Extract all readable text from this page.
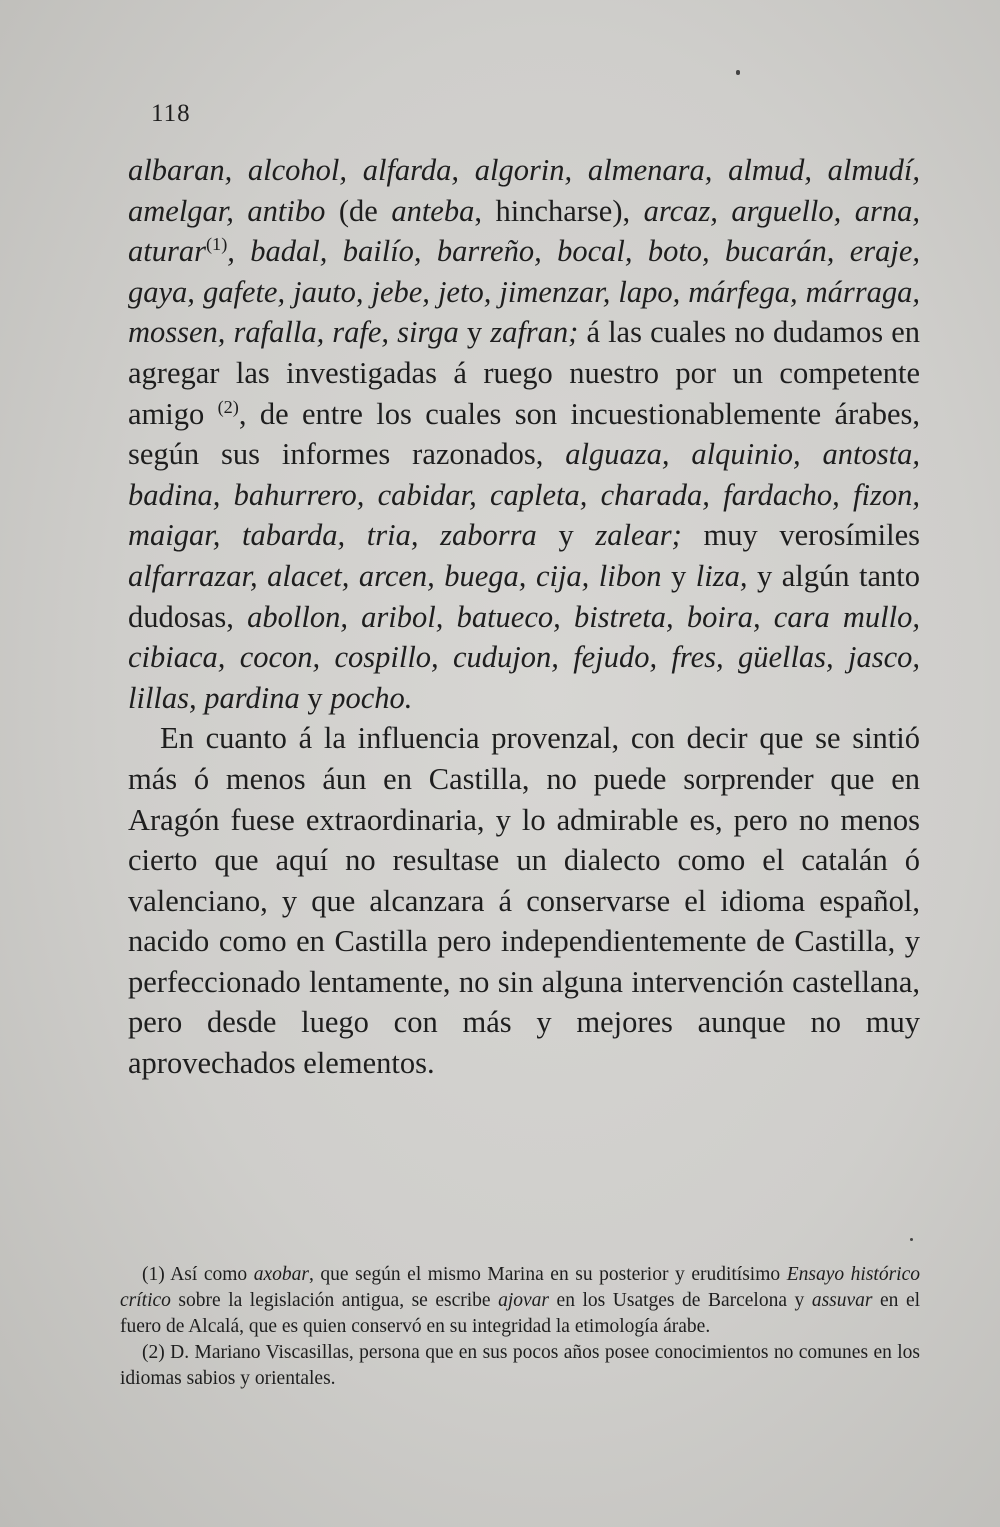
118

albaran, alcohol, alfarda, algorin, almenara, almud, almudí, amelgar, antibo (de anteba, hincharse), arcaz, arguello, arna, aturar$^{(1)}$, badal, bailío, barreño, bocal, boto, bucarán, eraje, gaya, gafete, jauto, jebe, jeto, jimenzar, lapo, márfega, márraga, mossen, rafalla, rafe, sirga y zafran; á las cuales no dudamos en agregar las investigadas á ruego nuestro por un competente amigo $^{(2)}$, de entre los cuales son incuestionablemente árabes, según sus informes razonados, alguaza, alquinio, antosta, badina, bahurrero, cabidar, capleta, charada, fardacho, fizon, maigar, tabarda, tria, zaborra y zalear; muy verosímiles alfarrazar, alacet, arcen, buega, cija, libon y liza, y algún tanto dudosas, abollon, aribol, batueco, bistreta, boira, cara mullo, cibiaca, cocon, cospillo, cudujon, fejudo, fres, güellas, jasco, lillas, pardina y pocho.

En cuanto á la influencia provenzal, con decir que se sintió más ó menos áun en Castilla, no puede sorprender que en Aragón fuese extraordinaria, y lo admirable es, pero no menos cierto que aquí no resultase un dialecto como el catalán ó valenciano, y que alcanzara á conservarse el idioma español, nacido como en Castilla pero independientemente de Castilla, y perfeccionado lentamente, no sin alguna intervención castellana, pero desde luego con más y mejores aunque no muy aprovechados elementos.

(1) Así como axobar, que según el mismo Marina en su posterior y eruditísimo Ensayo histórico crítico sobre la legislación antigua, se escribe ajovar en los Usatges de Barcelona y assuvar en el fuero de Alcalá, que es quien conservó en su integridad la etimología árabe.

(2) D. Mariano Viscasillas, persona que en sus pocos años posee conocimientos no comunes en los idiomas sabios y orientales.
